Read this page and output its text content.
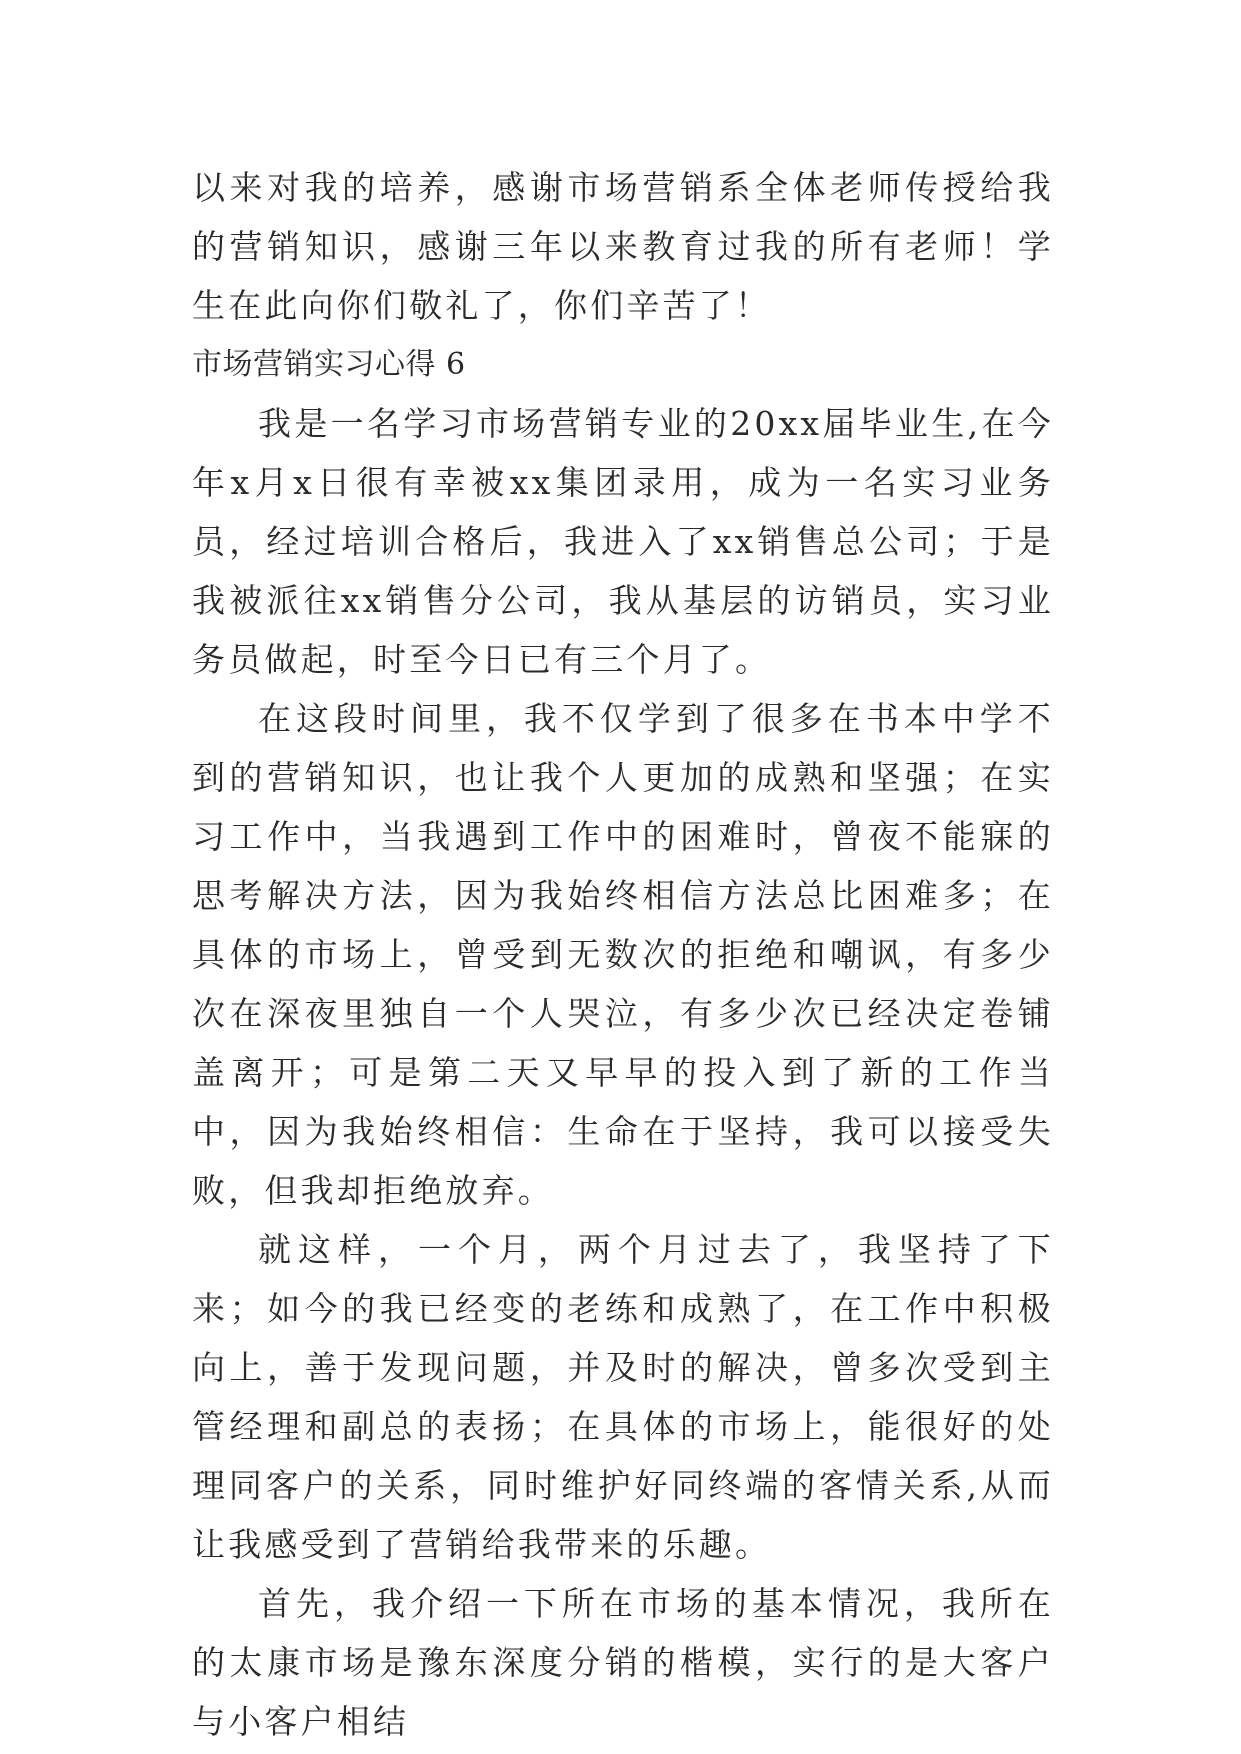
以来对我的培养，感谢市场营销系全体老师传授给我的营销知识，感谢三年以来教育过我的所有老师！学生在此向你们敬礼了，你们辛苦了！

市场营销实习心得 6

我是一名学习市场营销专业的20xx届毕业生,在今年x月x日很有幸被xx集团录用，成为一名实习业务员，经过培训合格后，我进入了xx销售总公司；于是我被派往xx销售分公司，我从基层的访销员，实习业务员做起，时至今日已有三个月了。

在这段时间里，我不仅学到了很多在书本中学不到的营销知识，也让我个人更加的成熟和坚强；在实习工作中，当我遇到工作中的困难时，曾夜不能寐的思考解决方法，因为我始终相信方法总比困难多；在具体的市场上，曾受到无数次的拒绝和嘲讽，有多少次在深夜里独自一个人哭泣，有多少次已经决定卷铺盖离开；可是第二天又早早的投入到了新的工作当中，因为我始终相信：生命在于坚持，我可以接受失败，但我却拒绝放弃。

就这样，一个月，两个月过去了，我坚持了下来；如今的我已经变的老练和成熟了，在工作中积极向上，善于发现问题，并及时的解决，曾多次受到主管经理和副总的表扬；在具体的市场上，能很好的处理同客户的关系，同时维护好同终端的客情关系,从而让我感受到了营销给我带来的乐趣。

首先，我介绍一下所在市场的基本情况，我所在的太康市场是豫东深度分销的楷模，实行的是大客户与小客户相结
